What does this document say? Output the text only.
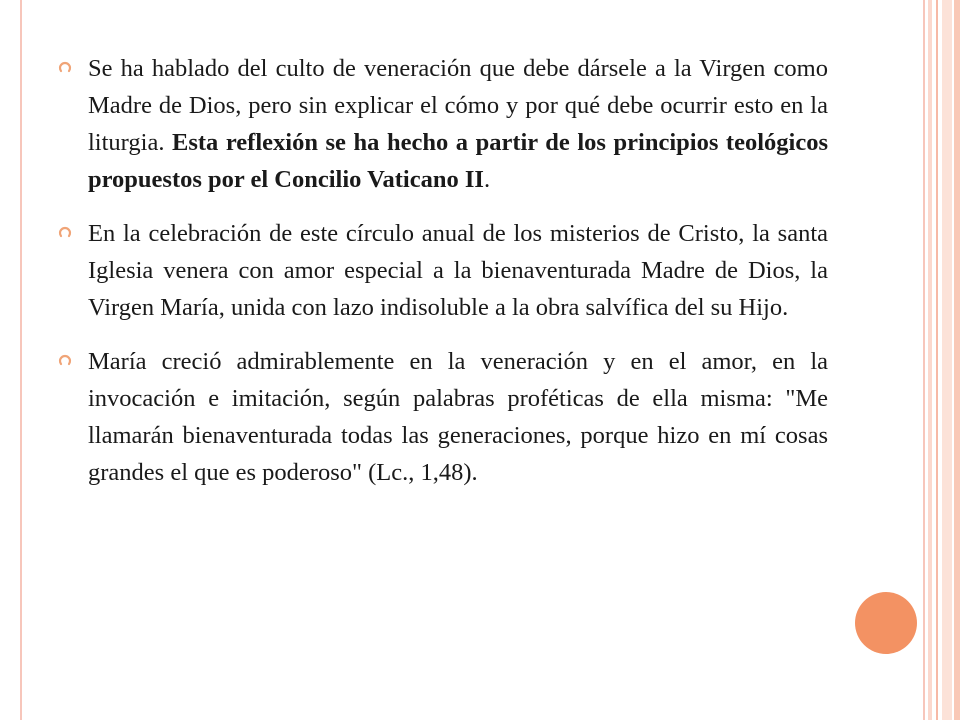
Se ha hablado del culto de veneración que debe dársele a la Virgen como Madre de Dios, pero sin explicar el cómo y por qué debe ocurrir esto en la liturgia. Esta reflexión se ha hecho a partir de los principios teológicos propuestos por el Concilio Vaticano II.
En la celebración de este círculo anual de los misterios de Cristo, la santa Iglesia venera con amor especial a la bienaventurada Madre de Dios, la Virgen María, unida con lazo indisoluble a la obra salvífica del su Hijo.
María creció admirablemente en la veneración y en el amor, en la invocación e imitación, según palabras proféticas de ella misma: "Me llamarán bienaventurada todas las generaciones, porque hizo en mí cosas grandes el que es poderoso" (Lc., 1,48).
